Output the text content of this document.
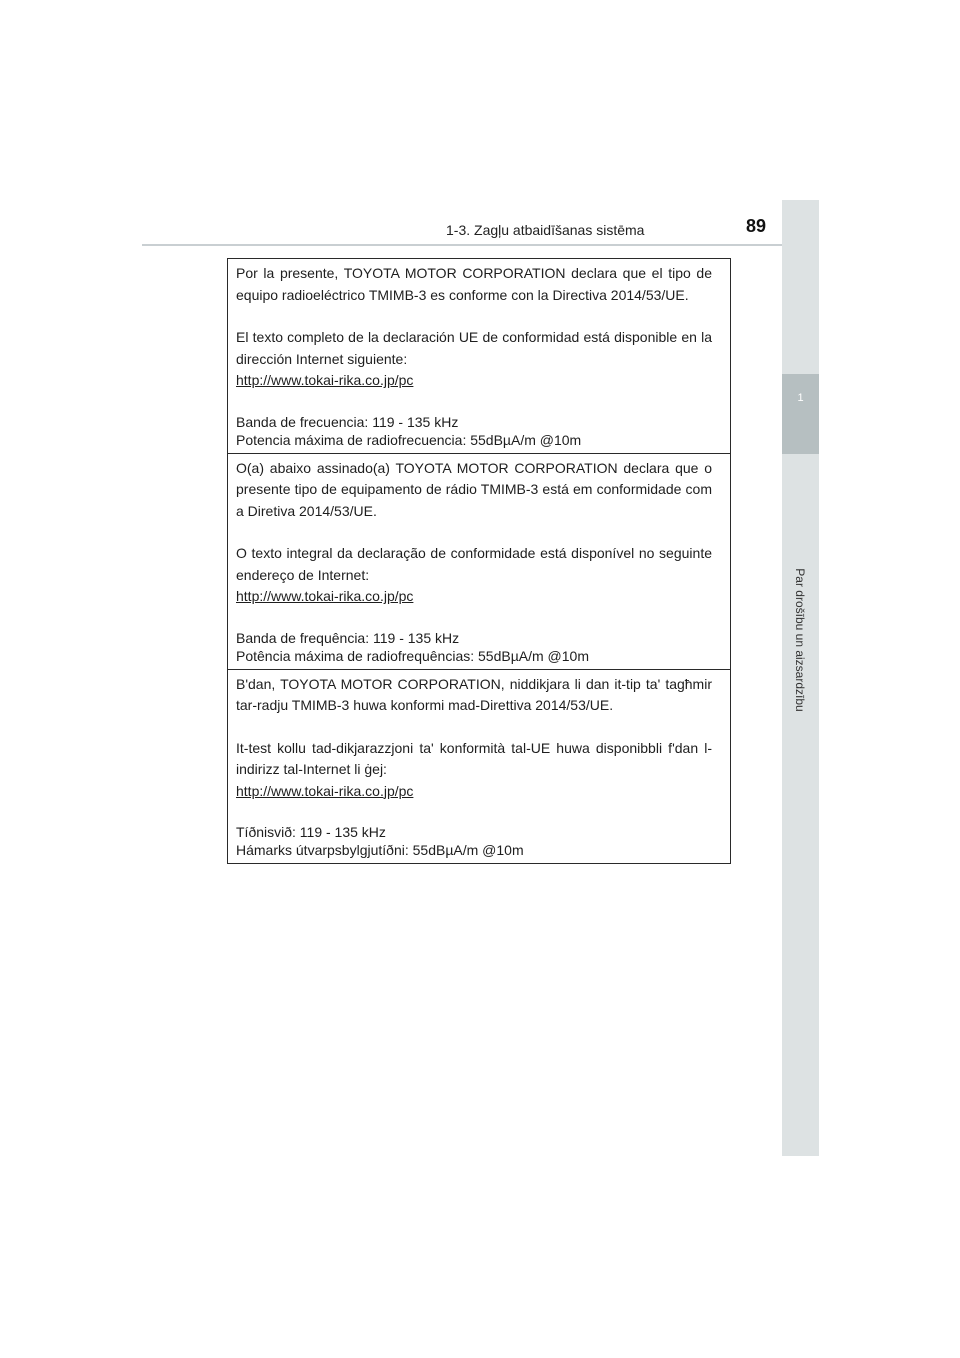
1-3. Zagļu atbaidīšanas sistēma	89
1
Par drošību un aizsardzību

Por la presente, TOYOTA MOTOR CORPORATION declara que el tipo de equipo radioeléctrico TMIMB-3 es conforme con la Directiva 2014/53/UE.

El texto completo de la declaración UE de conformidad está disponible en la dirección Internet siguiente:

http://www.tokai-rika.co.jp/pc

Banda de frecuencia: 119 - 135 kHz

Potencia máxima de radiofrecuencia: 55dBµA/m @10m

O(a) abaixo assinado(a) TOYOTA MOTOR CORPORATION declara que o presente tipo de equipamento de rádio TMIMB-3 está em conformidade com a Diretiva 2014/53/UE.

O texto integral da declaração de conformidade está disponível no seguinte endereço de Internet:

http://www.tokai-rika.co.jp/pc

Banda de frequência: 119 - 135 kHz

Potência máxima de radiofrequências: 55dBµA/m @10m

B'dan, TOYOTA MOTOR CORPORATION, niddikjara li dan it-tip ta' tagħmir tar-radju TMIMB-3 huwa konformi mad-Direttiva 2014/53/UE.

It-test kollu tad-dikjarazzjoni ta' konformità tal-UE huwa disponibbli f'dan l-indirizz tal-Internet li ġej:

http://www.tokai-rika.co.jp/pc

Tíðnisvið: 119 - 135 kHz

Hámarks útvarpsbylgjutíðni: 55dBµA/m @10m
